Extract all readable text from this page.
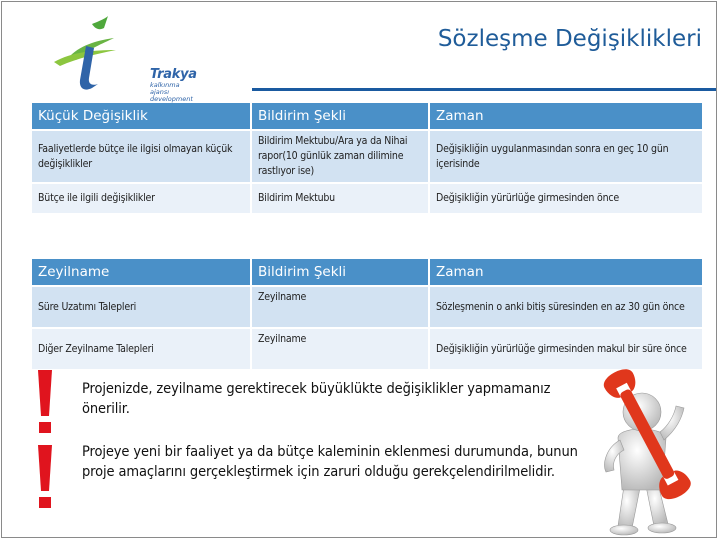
Trakya
kalkınma ajansı
development
Sözleşme Değişiklikleri
Küçük Değişiklik	Bildirim Şekli	Zaman
Faaliyetlerde bütçe ile ilgisi olmayan küçük değişiklikler	Bildirim Mektubu/Ara ya da Nihai rapor(10 günlük zaman dilimine rastlıyor ise)	Değişikliğin uygulanmasından sonra en geç 10 gün içerisinde
Bütçe ile ilgili değişiklikler	Bildirim Mektubu	Değişikliğin yürürlüğe girmesinden önce
Zeyilname	Bildirim Şekli	Zaman
Süre Uzatımı Talepleri	Zeyilname	Sözleşmenin o anki bitiş süresinden en az 30 gün önce
Diğer Zeyilname Talepleri	Zeyilname	Değişikliğin yürürlüğe girmesinden makul bir süre önce
Projenizde, zeyilname gerektirecek büyüklükte değişiklikler yapmamanız önerilir.
Projeye yeni bir faaliyet ya da bütçe kaleminin eklenmesi durumunda, bunun proje amaçlarını gerçekleştirmek için zaruri olduğu gerekçelendirilmelidir.
